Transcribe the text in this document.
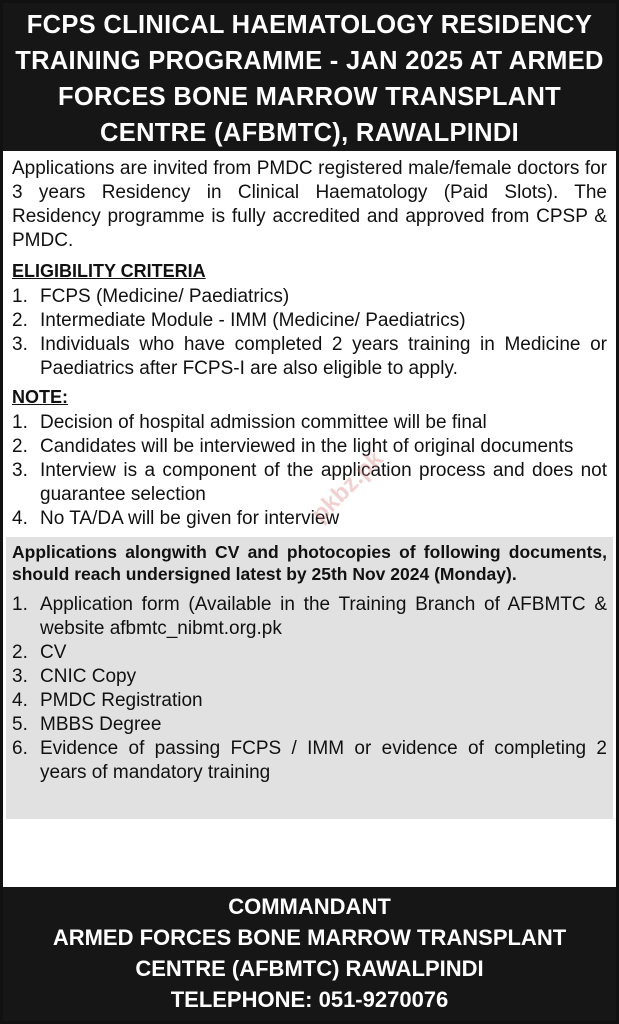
FCPS CLINICAL HAEMATOLOGY RESIDENCY TRAINING PROGRAMME - JAN 2025 AT ARMED FORCES BONE MARROW TRANSPLANT CENTRE (AFBMTC), RAWALPINDI

Applications are invited from PMDC registered male/female doctors for 3 years Residency in Clinical Haematology (Paid Slots). The Residency programme is fully accredited and approved from CPSP & PMDC.

ELIGIBILITY CRITERIA
1. FCPS (Medicine/ Paediatrics)
2. Intermediate Module - IMM (Medicine/ Paediatrics)
3. Individuals who have completed 2 years training in Medicine or Paediatrics after FCPS-I are also eligible to apply.
NOTE:
1. Decision of hospital admission committee will be final
2. Candidates will be interviewed in the light of original documents
3. Interview is a component of the application process and does not guarantee selection
4. No TA/DA will be given for interview

Applications alongwith CV and photocopies of following documents, should reach undersigned latest by 25th Nov 2024 (Monday).

1. Application form (Available in the Training Branch of AFBMTC & website afbmtc_nibmt.org.pk
2. CV
3. CNIC Copy
4. PMDC Registration
5. MBBS Degree
6. Evidence of passing FCPS / IMM or evidence of completing 2 years of mandatory training
COMMANDANT
ARMED FORCES BONE MARROW TRANSPLANT
CENTRE (AFBMTC) RAWALPINDI
TELEPHONE: 051-9270076
pkbz.pk
